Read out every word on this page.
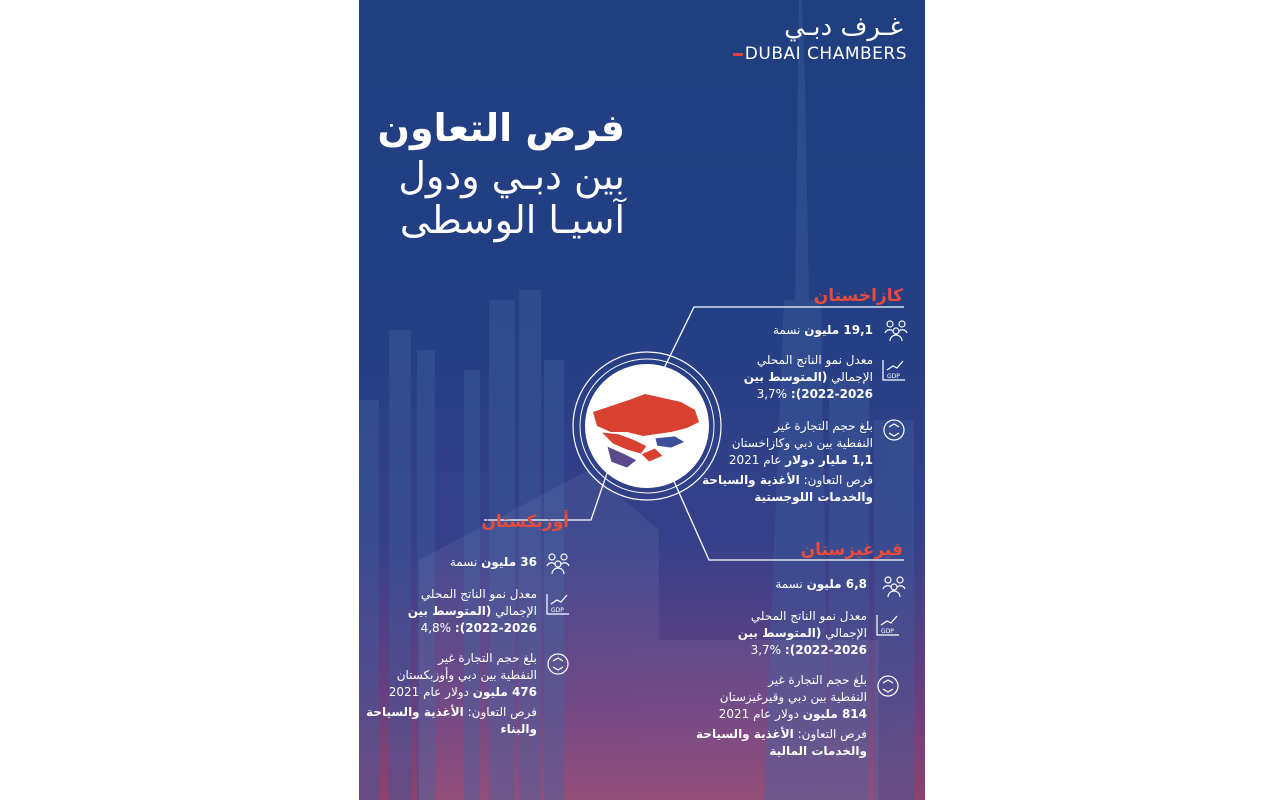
غـرف دبـي
DUBAI CHAMBERS
فرص التعاون
بين دبـي ودول
آسيـا الوسطى
كازاخستان
19,1 مليون نسمة
GDP
معدل نمو الناتج المحلي
الإجمالي (المتوسط بين
2022-2026): 3,7%
بلغ حجم التجارة غير
النفطية بين دبي وكازاخستان
1,1 مليار دولار عام 2021
فرص التعاون: الأغذية والسياحة
والخدمات اللوجستية
أوزبكستان
36 مليون نسمة
GDP
معدل نمو الناتج المحلي
الإجمالي (المتوسط بين
2022-2026): 4,8%
بلغ حجم التجارة غير
النفطية بين دبي وأوزبكستان
476 مليون دولار عام 2021
فرص التعاون: الأغذية والسياحة
والبناء
قيرغيزستان
6,8 مليون نسمة
GDP
معدل نمو الناتج المحلي
الإجمالي (المتوسط بين
2022-2026): 3,7%
بلغ حجم التجارة غير
النفطية بين دبي وقيرغيزستان
814 مليون دولار عام 2021
فرص التعاون: الأغذية والسياحة
والخدمات المالية
